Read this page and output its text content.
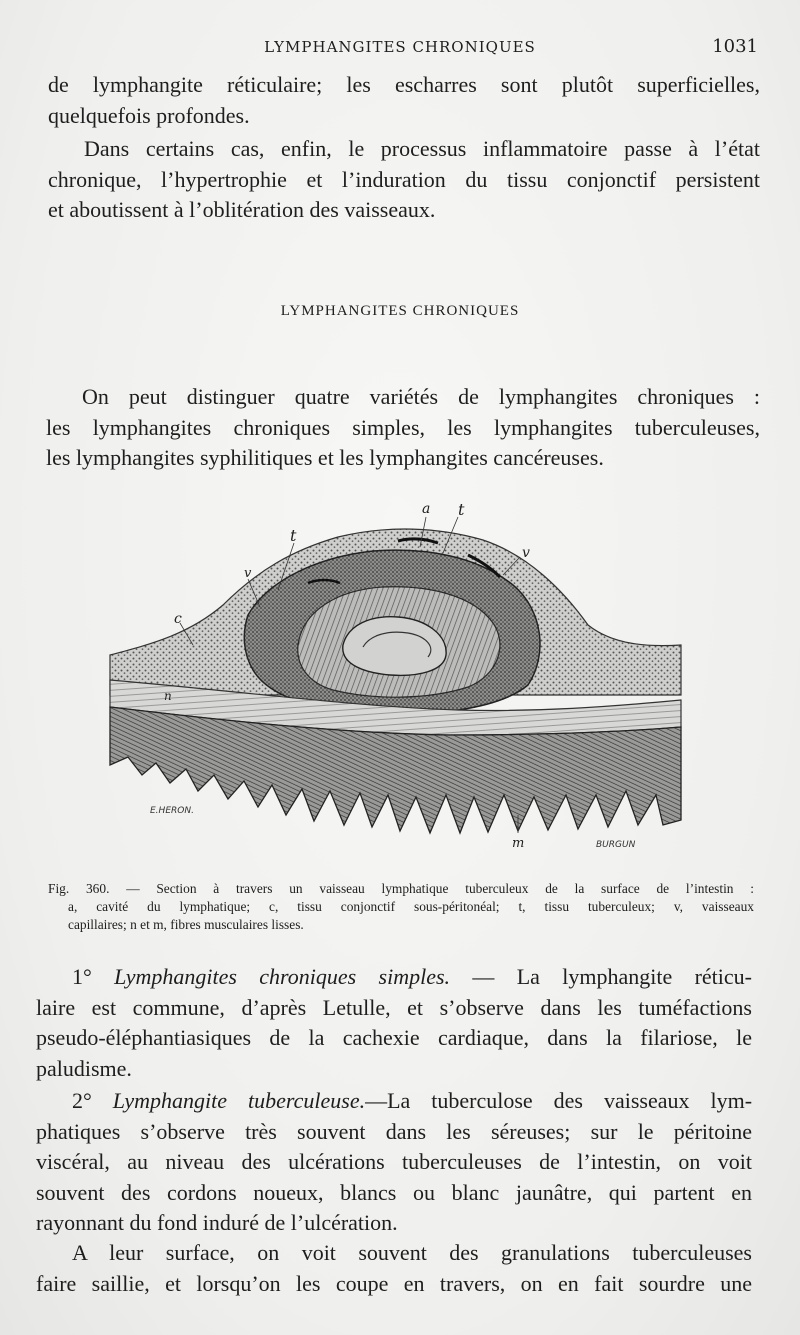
LYMPHANGITES CHRONIQUES	1031

de lymphangite réticulaire; les escharres sont plutôt superficielles,
quelquefois profondes.

Dans certains cas, enfin, le processus inflammatoire passe à l’état
chronique, l’hypertrophie et l’induration du tissu conjonctif persistent
et aboutissent à l’oblitération des vaisseaux.

LYMPHANGITES CHRONIQUES

On peut distinguer quatre variétés de lymphangites chroniques :
les lymphangites chroniques simples, les lymphangites tuberculeuses,
les lymphangites syphilitiques et les lymphangites cancéreuses.

a t
t
v
v
c
n
m
E.HERON.
BURGUN

Fig. 360. — Section à travers un vaisseau lymphatique tuberculeux de la surface de l’intestin :
a, cavité du lymphatique; c, tissu conjonctif sous-péritonéal; t, tissu tuberculeux; v, vaisseaux
capillaires; n et m, fibres musculaires lisses.

1° Lymphangites chroniques simples. — La lymphangite réticu-
laire est commune, d’après Letulle, et s’observe dans les tuméfactions
pseudo-éléphantiasiques de la cachexie cardiaque, dans la filariose, le
paludisme.

2° Lymphangite tuberculeuse.—La tuberculose des vaisseaux lym-
phatiques s’observe très souvent dans les séreuses; sur le péritoine
viscéral, au niveau des ulcérations tuberculeuses de l’intestin, on voit
souvent des cordons noueux, blancs ou blanc jaunâtre, qui partent en
rayonnant du fond induré de l’ulcération.

A leur surface, on voit souvent des granulations tuberculeuses
faire saillie, et lorsqu’on les coupe en travers, on en fait sourdre une
